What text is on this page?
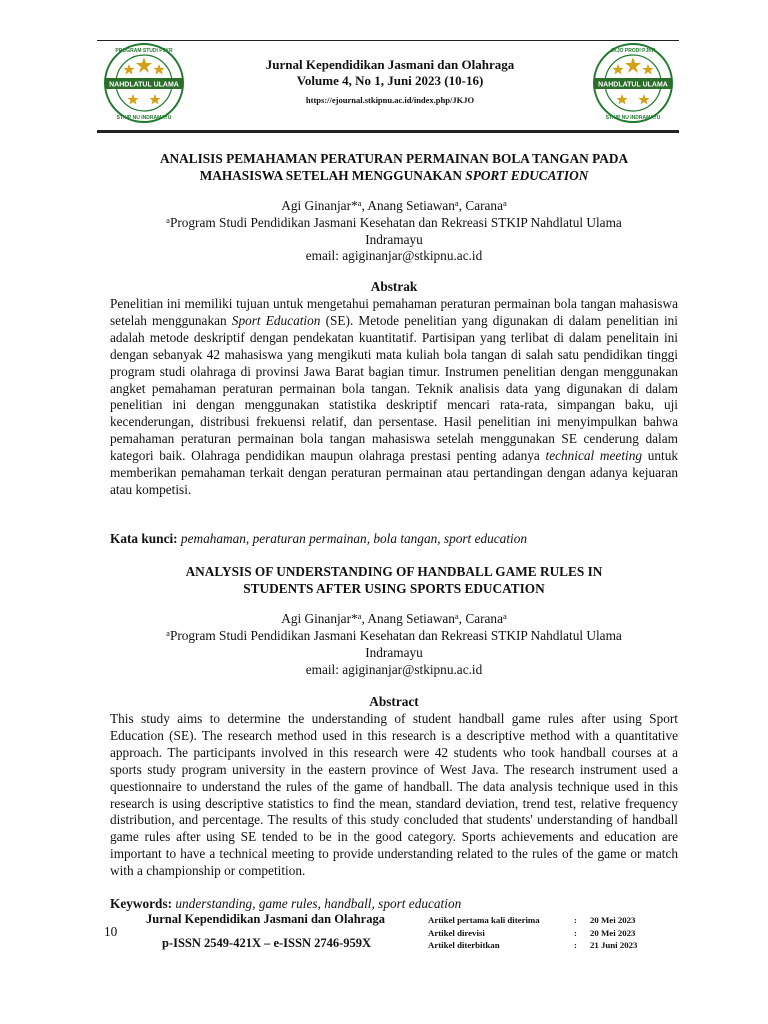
NAHDLATUL ULAMA
PROGRAM STUDI PJKR
STKIP NU INDRAMAYU
Jurnal Kependidikan Jasmani dan Olahraga
Volume 4, No 1, Juni 2023 (10-16)
https://ejournal.stkipnu.ac.id/index.php/JKJO
NAHDLATUL ULAMA
JKJO PRODI PJKR
STKIP NU INDRAMAYU
ANALISIS PEMAHAMAN PERATURAN PERMAINAN BOLA TANGAN PADA
MAHASISWA SETELAH MENGGUNAKAN SPORT EDUCATION
Agi Ginanjar*$^a$, Anang Setiawan$^a$, Carana$^a$
$^a$Program Studi Pendidikan Jasmani Kesehatan dan Rekreasi STKIP Nahdlatul Ulama
Indramayu
email: agiginanjar@stkipnu.ac.id
Abstrak
Penelitian ini memiliki tujuan untuk mengetahui pemahaman peraturan permainan bola tangan mahasiswa setelah menggunakan Sport Education (SE). Metode penelitian yang digunakan di dalam penelitian ini adalah metode deskriptif dengan pendekatan kuantitatif. Partisipan yang terlibat di dalam penelitain ini dengan sebanyak 42 mahasiswa yang mengikuti mata kuliah bola tangan di salah satu pendidikan tinggi program studi olahraga di provinsi Jawa Barat bagian timur. Instrumen penelitian dengan menggunakan angket pemahaman peraturan permainan bola tangan. Teknik analisis data yang digunakan di dalam penelitian ini dengan menggunakan statistika deskriptif mencari rata-rata, simpangan baku, uji kecenderungan, distribusi frekuensi relatif, dan persentase. Hasil penelitian ini menyimpulkan bahwa pemahaman peraturan permainan bola tangan mahasiswa setelah menggunakan SE cenderung dalam kategori baik. Olahraga pendidikan maupun olahraga prestasi penting adanya technical meeting untuk memberikan pemahaman terkait dengan peraturan permainan atau pertandingan dengan adanya kejuaran atau kompetisi.
Kata kunci: pemahaman, peraturan permainan, bola tangan, sport education
ANALYSIS OF UNDERSTANDING OF HANDBALL GAME RULES IN
STUDENTS AFTER USING SPORTS EDUCATION
Agi Ginanjar*$^a$, Anang Setiawan$^a$, Carana$^a$
$^a$Program Studi Pendidikan Jasmani Kesehatan dan Rekreasi STKIP Nahdlatul Ulama
Indramayu
email: agiginanjar@stkipnu.ac.id
Abstract
This study aims to determine the understanding of student handball game rules after using Sport Education (SE). The research method used in this research is a descriptive method with a quantitative approach. The participants involved in this research were 42 students who took handball courses at a sports study program university in the eastern province of West Java. The research instrument used a questionnaire to understand the rules of the game of handball. The data analysis technique used in this research is using descriptive statistics to find the mean, standard deviation, trend test, relative frequency distribution, and percentage. The results of this study concluded that students' understanding of handball game rules after using SE tended to be in the good category. Sports achievements and education are important to have a technical meeting to provide understanding related to the rules of the game or match with a championship or competition.
Keywords: understanding, game rules, handball, sport education
10
Jurnal Kependidikan Jasmani dan Olahraga
p-ISSN 2549-421X – e-ISSN 2746-959X
Artikel pertama kali diterima	:	20 Mei 2023
Artikel direvisi	:	20 Mei 2023
Artikel diterbitkan	:	21 Juni 2023
